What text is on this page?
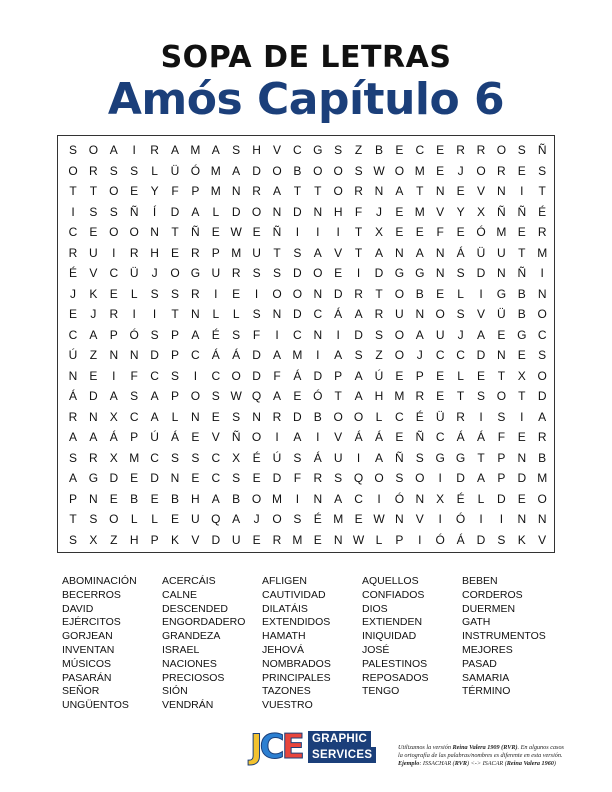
SOPA DE LETRAS
Amós Capítulo 6
S O A	I	R	A M A	S	H	V	C G S	Z	B	E	C	E	R R O S	Ñ
O R	S	S	L	Ü Ó M A	D O B O O S W O M E	J	O R	E	S
T	T	O E	Y	F	P M N R	A	T	T	O R N	A	T	N	E	V	N	I	T
I	S	S	Ñ	Í	D	A	L	D O N D N H	F	J	E M V	Y	X	Ñ Ñ	É
C	E O O N	T	Ñ	E W E	Ñ	I	I	I	T	X	E	E	F	E Ó M E	R
R U	I	R H	E	R	P M U	T	S	A	V	T	A	N	A	N	Á	Ü U	T M
É	V	C Ü	J	O G U R	S	S	D O E	I	D G G N	S	D N Ñ	I
J	K	E	L	S	S	R	I	E	I	O O N D R	T	O B	E	L	I	G B	N
E	J	R	I	I	T	N	L	L	S	N D C	Á	A	R U N O S	V	Ü	B O
C	A	P Ó S	P	A	É	S	F	I	C N	I	D	S O A	U	J	A	E G C
Ú	Z	N N D	P	C	Á	Á	D	A M	I	A	S	Z	O	J	C C D N	E	S
N	E	I	F	C	S	I	C O D	F	Á	D	P	A	Ú	E	P	E	L	E	T	X O
Á	D	A	S	A	P O S W Q A	E Ó	T	A	H M R	E	T	S O	T	D
R N	X	C	A	L	N	E	S	N R D	B O O	L	C	É	Ü R	I	S	I	A
A	A	Á	P	Ú	Á	E	V	Ñ O	I	A	I	V	Á	Á	E	Ñ C	Á	Á	F	E	R
S	R	X M C	S	S	C	X	É	Ú	S	Á	U	I	A	Ñ	S G G	T	P	N	B
A G D	E	D N	E	C	S	E	D	F	R	S Q O S O	I	D	A	P	D M
P	N	E	B	E	B	H	A	B O M	I	N	A	C	I	Ó N	X	É	L	D	E O
T	S O	L	L	E	U Q A	J	O S	É M E W N	V	I	Ó	I	I	N N
S	X	Z	H	P	K	V	D U	E	R M E	N W L	P	I	Ó Á	D	S	K	V
ABOMINACIÓN
BECERROS
DAVID
EJÉRCITOS
GORJEAN
INVENTAN
MÚSICOS
PASARÁN
SEÑOR
UNGÜENTOS
ACERCÁIS
CALNE
DESCENDED
ENGORDADERO
GRANDEZA
ISRAEL
NACIONES
PRECIOSOS
SIÓN
VENDRÁN
AFLIGEN
CAUTIVIDAD
DILATÁIS
EXTENDIDOS
HAMATH
JEHOVÁ
NOMBRADOS
PRINCIPALES
TAZONES
VUESTRO
AQUELLOS
CONFIADOS
DIOS
EXTIENDEN
INIQUIDAD
JOSÉ
PALESTINOS
REPOSADOS
TENGO
BEBEN
CORDEROS
DUERMEN
GATH
INSTRUMENTOS
MEJORES
PASAD
SAMARIA
TÉRMINO
JCE GRAPHIC
SERVICES
Utilizamos la versión Reina Valera 1909 (RVR). En algunos casos la ortografía de las palabras/nombres es diferente en esta versión.
Ejemplo: ISSACHAR (RVR) <-> ISACAR (Reina Valera 1960)
